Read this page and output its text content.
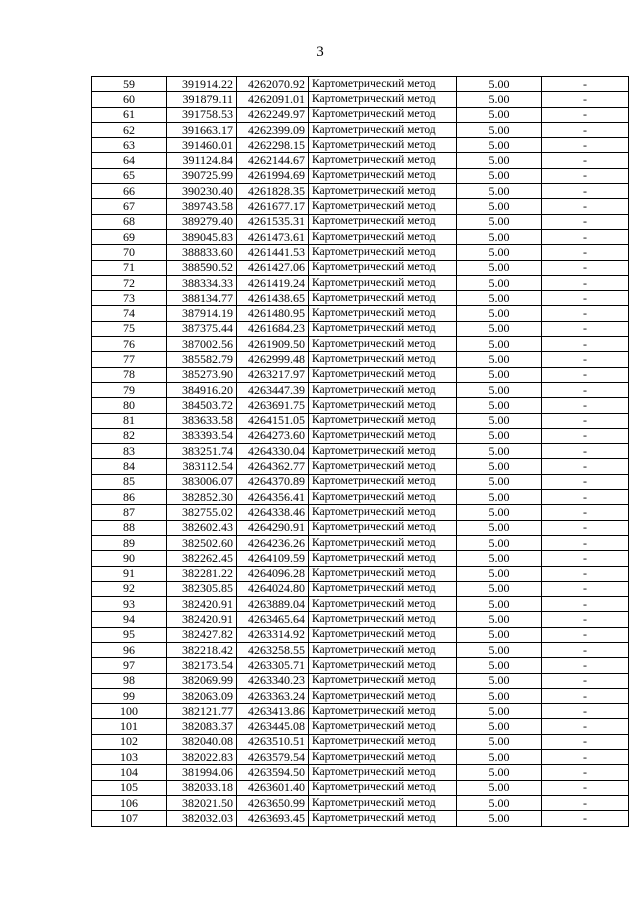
3
59	391914.22	4262070.92	Картометрический метод	5.00	-
60	391879.11	4262091.01	Картометрический метод	5.00	-
61	391758.53	4262249.97	Картометрический метод	5.00	-
62	391663.17	4262399.09	Картометрический метод	5.00	-
63	391460.01	4262298.15	Картометрический метод	5.00	-
64	391124.84	4262144.67	Картометрический метод	5.00	-
65	390725.99	4261994.69	Картометрический метод	5.00	-
66	390230.40	4261828.35	Картометрический метод	5.00	-
67	389743.58	4261677.17	Картометрический метод	5.00	-
68	389279.40	4261535.31	Картометрический метод	5.00	-
69	389045.83	4261473.61	Картометрический метод	5.00	-
70	388833.60	4261441.53	Картометрический метод	5.00	-
71	388590.52	4261427.06	Картометрический метод	5.00	-
72	388334.33	4261419.24	Картометрический метод	5.00	-
73	388134.77	4261438.65	Картометрический метод	5.00	-
74	387914.19	4261480.95	Картометрический метод	5.00	-
75	387375.44	4261684.23	Картометрический метод	5.00	-
76	387002.56	4261909.50	Картометрический метод	5.00	-
77	385582.79	4262999.48	Картометрический метод	5.00	-
78	385273.90	4263217.97	Картометрический метод	5.00	-
79	384916.20	4263447.39	Картометрический метод	5.00	-
80	384503.72	4263691.75	Картометрический метод	5.00	-
81	383633.58	4264151.05	Картометрический метод	5.00	-
82	383393.54	4264273.60	Картометрический метод	5.00	-
83	383251.74	4264330.04	Картометрический метод	5.00	-
84	383112.54	4264362.77	Картометрический метод	5.00	-
85	383006.07	4264370.89	Картометрический метод	5.00	-
86	382852.30	4264356.41	Картометрический метод	5.00	-
87	382755.02	4264338.46	Картометрический метод	5.00	-
88	382602.43	4264290.91	Картометрический метод	5.00	-
89	382502.60	4264236.26	Картометрический метод	5.00	-
90	382262.45	4264109.59	Картометрический метод	5.00	-
91	382281.22	4264096.28	Картометрический метод	5.00	-
92	382305.85	4264024.80	Картометрический метод	5.00	-
93	382420.91	4263889.04	Картометрический метод	5.00	-
94	382420.91	4263465.64	Картометрический метод	5.00	-
95	382427.82	4263314.92	Картометрический метод	5.00	-
96	382218.42	4263258.55	Картометрический метод	5.00	-
97	382173.54	4263305.71	Картометрический метод	5.00	-
98	382069.99	4263340.23	Картометрический метод	5.00	-
99	382063.09	4263363.24	Картометрический метод	5.00	-
100	382121.77	4263413.86	Картометрический метод	5.00	-
101	382083.37	4263445.08	Картометрический метод	5.00	-
102	382040.08	4263510.51	Картометрический метод	5.00	-
103	382022.83	4263579.54	Картометрический метод	5.00	-
104	381994.06	4263594.50	Картометрический метод	5.00	-
105	382033.18	4263601.40	Картометрический метод	5.00	-
106	382021.50	4263650.99	Картометрический метод	5.00	-
107	382032.03	4263693.45	Картометрический метод	5.00	-
